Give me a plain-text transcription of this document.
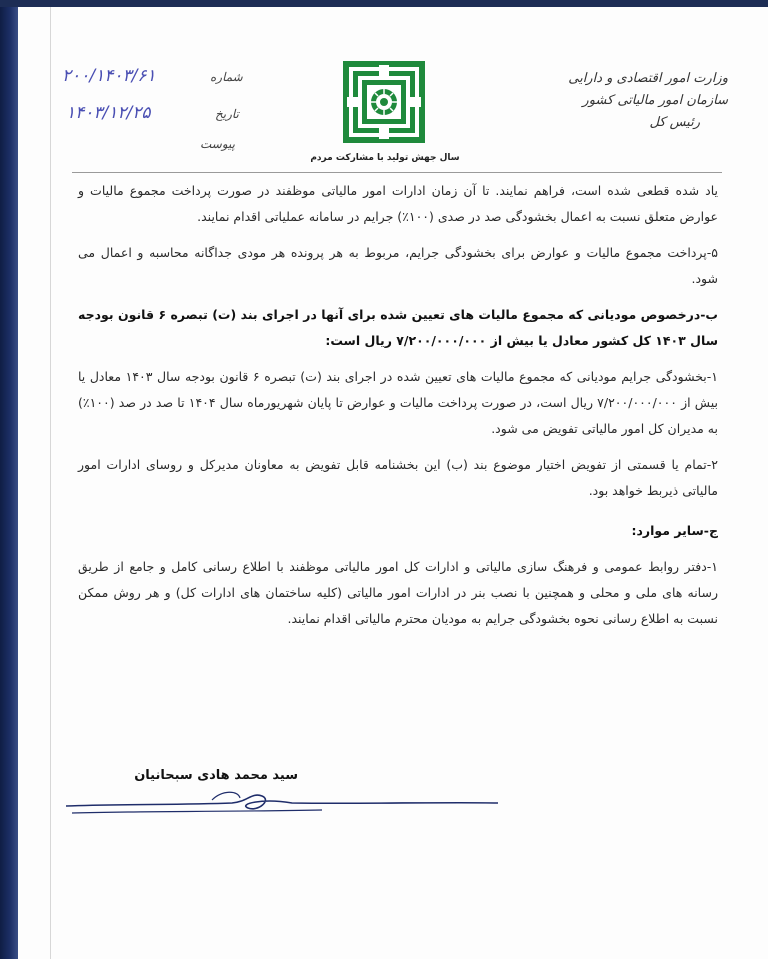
وزارت امور اقتصادی و دارایی
سازمان امور مالیاتی کشور
رئیس کل
سال جهش تولید با مشارکت مردم
۲۰۰/۱۴۰۳/۶۱	شماره
۱۴۰۳/۱۲/۲۵	تاریخ
پیوست

یاد شده قطعی شده است، فراهم نمایند. تا آن زمان ادارات امور مالیاتی موظفند در صورت پرداخت مجموع مالیات و عوارض متعلق نسبت به اعمال بخشودگی صد در صدی (۱۰۰٪) جرایم در سامانه عملیاتی اقدام نمایند.

۵-پرداخت مجموع مالیات و عوارض برای بخشودگی جرایم، مربوط به هر پرونده هر مودی جداگانه محاسبه و اعمال می شود.

ب-درخصوص مودیانی که مجموع مالیات های تعیین شده برای آنها در اجرای بند (ت) تبصره ۶ قانون بودجه سال ۱۴۰۳ کل کشور معادل یا بیش از ۷/۲۰۰/۰۰۰/۰۰۰ ریال است:

۱-بخشودگی جرایم مودیانی که مجموع مالیات های تعیین شده در اجرای بند (ت) تبصره ۶ قانون بودجه سال ۱۴۰۳ معادل یا بیش از ۷/۲۰۰/۰۰۰/۰۰۰ ریال است، در صورت پرداخت مالیات و عوارض تا پایان شهریورماه سال ۱۴۰۴ تا صد در صد (۱۰۰٪) به مدیران کل امور مالیاتی تفویض می شود.

۲-تمام یا قسمتی از تفویض اختیار موضوع بند (ب) این بخشنامه قابل تفویض به معاونان مدیرکل و روسای ادارات امور مالیاتی ذیربط خواهد بود.

ج-سایر موارد:

۱-دفتر روابط عمومی و فرهنگ سازی مالیاتی و ادارات کل امور مالیاتی موظفند با اطلاع رسانی کامل و جامع از طریق رسانه های ملی و محلی و همچنین با نصب بنر در ادارات امور مالیاتی (کلیه ساختمان های ادارات کل) و هر روش ممکن نسبت به اطلاع رسانی نحوه بخشودگی جرایم به مودیان محترم مالیاتی اقدام نمایند.

سید محمد هادی سبحانیان
